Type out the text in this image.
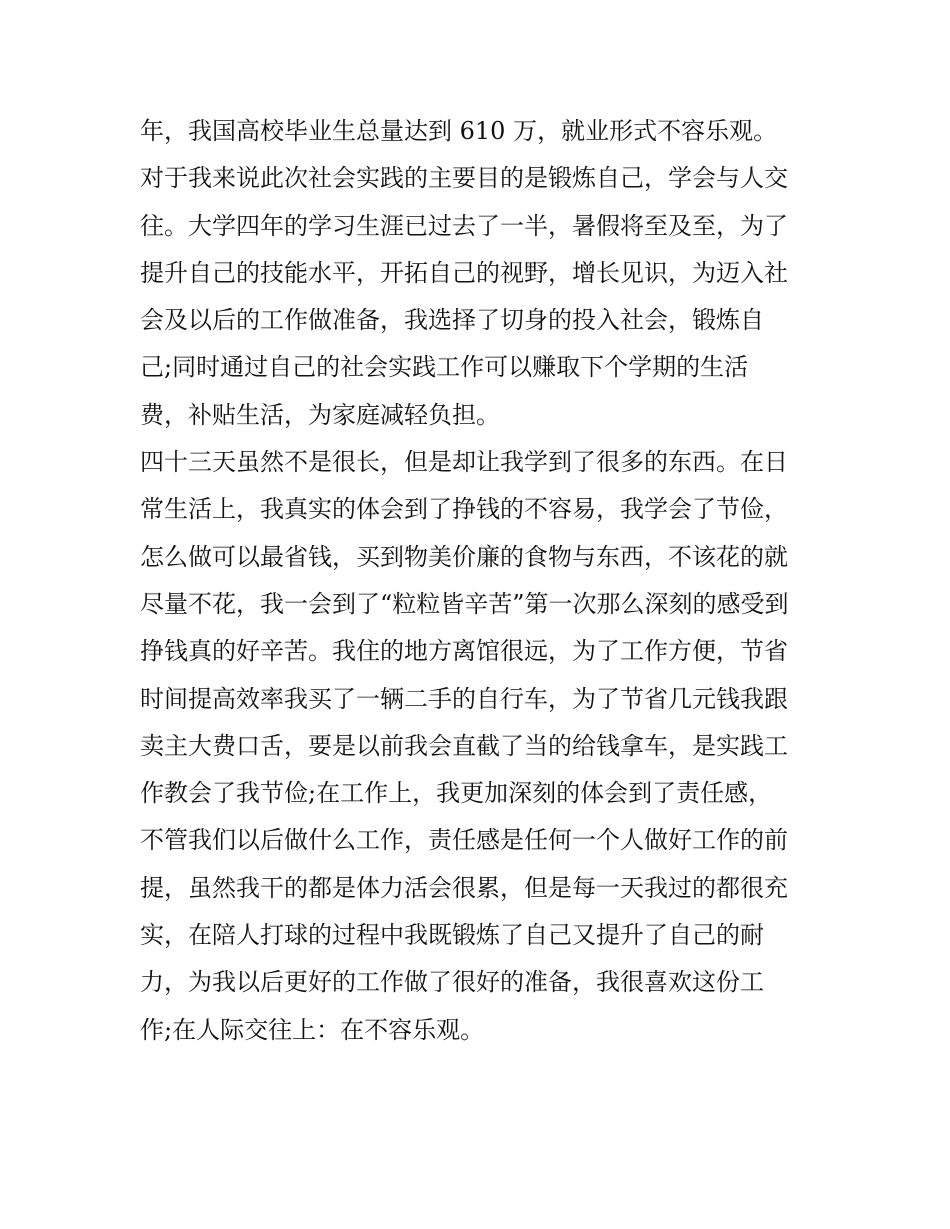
年，我国高校毕业生总量达到 610 万，就业形式不容乐观。
对于我来说此次社会实践的主要目的是锻炼自己，学会与人交
往。大学四年的学习生涯已过去了一半，暑假将至及至，为了
提升自己的技能水平，开拓自己的视野，增长见识，为迈入社
会及以后的工作做准备，我选择了切身的投入社会，锻炼自
己;同时通过自己的社会实践工作可以赚取下个学期的生活
费，补贴生活，为家庭减轻负担。
四十三天虽然不是很长，但是却让我学到了很多的东西。在日
常生活上，我真实的体会到了挣钱的不容易，我学会了节俭，
怎么做可以最省钱，买到物美价廉的食物与东西，不该花的就
尽量不花，我一会到了“粒粒皆辛苦”第一次那么深刻的感受到
挣钱真的好辛苦。我住的地方离馆很远，为了工作方便，节省
时间提高效率我买了一辆二手的自行车，为了节省几元钱我跟
卖主大费口舌，要是以前我会直截了当的给钱拿车，是实践工
作教会了我节俭;在工作上，我更加深刻的体会到了责任感，
不管我们以后做什么工作，责任感是任何一个人做好工作的前
提，虽然我干的都是体力活会很累，但是每一天我过的都很充
实，在陪人打球的过程中我既锻炼了自己又提升了自己的耐
力，为我以后更好的工作做了很好的准备，我很喜欢这份工
作;在人际交往上：在不容乐观。
